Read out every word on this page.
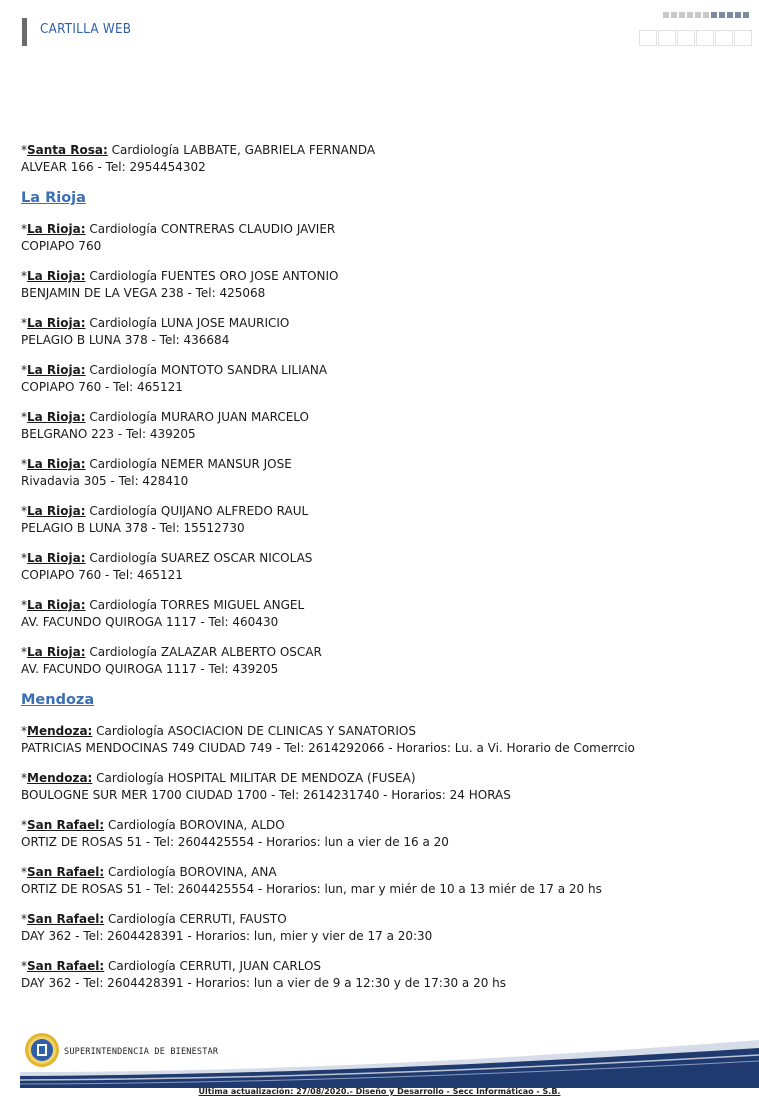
CARTILLA WEB
*Santa Rosa: Cardiología LABBATE, GABRIELA FERNANDA
ALVEAR 166 - Tel: 2954454302
La Rioja
*La Rioja: Cardiología CONTRERAS CLAUDIO JAVIER
COPIAPO 760
*La Rioja: Cardiología FUENTES ORO JOSE ANTONIO
BENJAMIN DE LA VEGA 238 - Tel: 425068
*La Rioja: Cardiología LUNA JOSE MAURICIO
PELAGIO B LUNA 378 - Tel: 436684
*La Rioja: Cardiología MONTOTO SANDRA LILIANA
COPIAPO 760 - Tel: 465121
*La Rioja: Cardiología MURARO JUAN MARCELO
BELGRANO 223 - Tel: 439205
*La Rioja: Cardiología NEMER MANSUR JOSE
Rivadavia 305 - Tel: 428410
*La Rioja: Cardiología QUIJANO ALFREDO RAUL
PELAGIO B LUNA 378 - Tel: 15512730
*La Rioja: Cardiología SUAREZ OSCAR NICOLAS
COPIAPO 760 - Tel: 465121
*La Rioja: Cardiología TORRES MIGUEL ANGEL
AV. FACUNDO QUIROGA 1117 - Tel: 460430
*La Rioja: Cardiología ZALAZAR ALBERTO OSCAR
AV. FACUNDO QUIROGA 1117 - Tel: 439205
Mendoza
*Mendoza: Cardiología ASOCIACION DE CLINICAS Y SANATORIOS
PATRICIAS MENDOCINAS 749 CIUDAD 749 - Tel: 2614292066 - Horarios: Lu. a Vi. Horario de Comerrcio
*Mendoza: Cardiología HOSPITAL MILITAR DE MENDOZA (FUSEA)
BOULOGNE SUR MER 1700 CIUDAD 1700 - Tel: 2614231740 - Horarios: 24 HORAS
*San Rafael: Cardiología BOROVINA, ALDO
ORTIZ DE ROSAS 51 - Tel: 2604425554 - Horarios: lun a vier de 16 a 20
*San Rafael: Cardiología BOROVINA, ANA
ORTIZ DE ROSAS 51 - Tel: 2604425554 - Horarios: lun, mar y miér de 10 a 13 miér de 17 a 20 hs
*San Rafael: Cardiología CERRUTI, FAUSTO
DAY 362 - Tel: 2604428391 - Horarios: lun, mier y vier de 17 a 20:30
*San Rafael: Cardiología CERRUTI, JUAN CARLOS
DAY 362 - Tel: 2604428391 - Horarios: lun a vier de 9 a 12:30 y de 17:30 a 20 hs
SUPERINTENDENCIA DE BIENESTAR
Ultima actualización: 27/08/2020.- Diseño y Desarrollo - Secc Informáticao - S.B.
